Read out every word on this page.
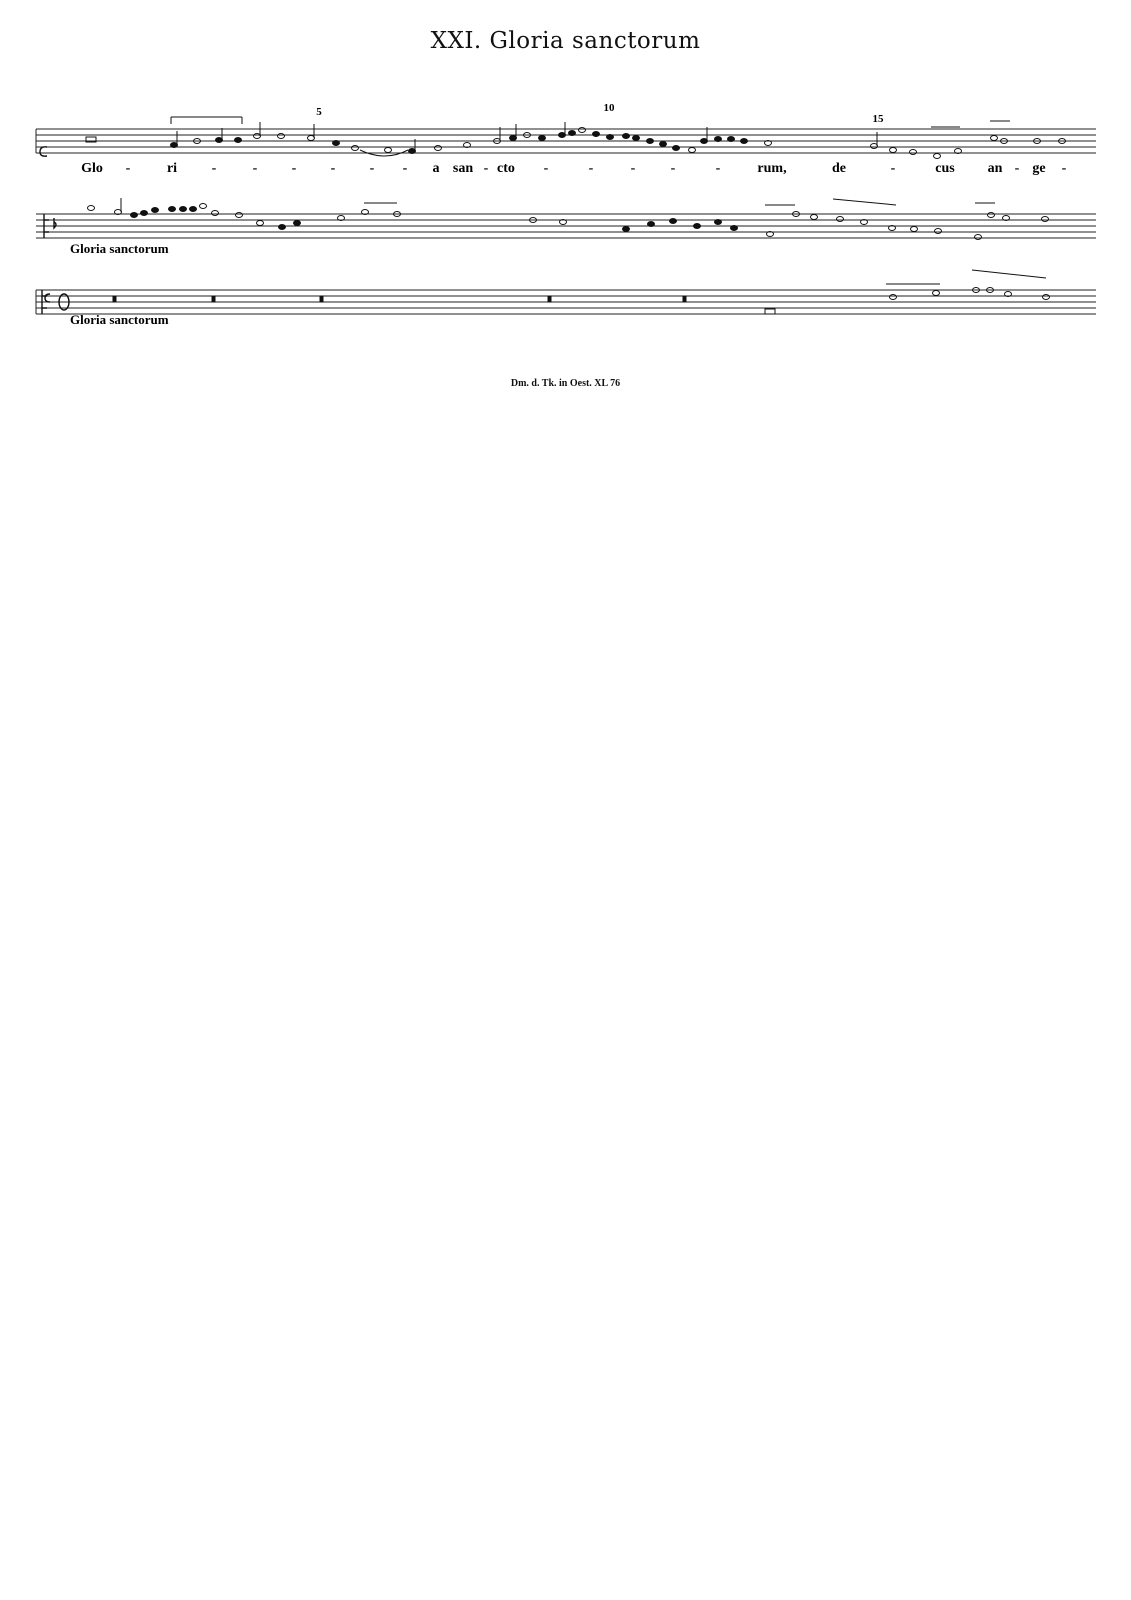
XXI. Gloria sanctorum
5	10
15
Glo -	ri -	- - - - - a san - cto -	-	-	-	-	rum,	de	-	cus an - ge -
Gloria sanctorum
Gloria sanctorum
Dm. d. Tk. in Oest. XL 76
